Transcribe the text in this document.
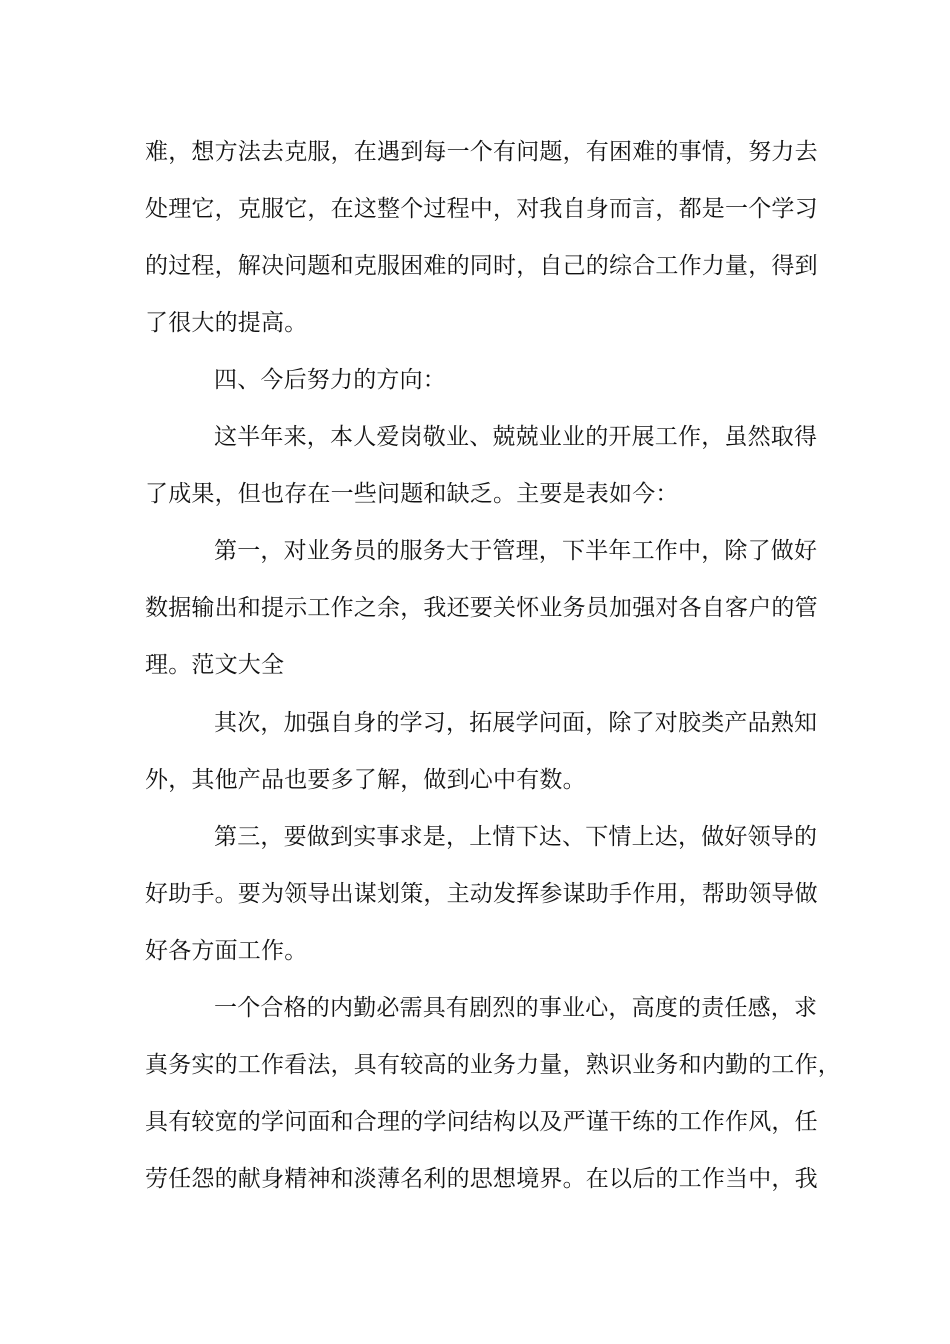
难，想方法去克服，在遇到每一个有问题，有困难的事情，努力去
处理它，克服它，在这整个过程中，对我自身而言，都是一个学习
的过程，解决问题和克服困难的同时，自己的综合工作力量，得到
了很大的提高。
四、今后努力的方向：
这半年来，本人爱岗敬业、兢兢业业的开展工作，虽然取得
了成果，但也存在一些问题和缺乏。主要是表如今：
第一，对业务员的服务大于管理，下半年工作中，除了做好
数据输出和提示工作之余，我还要关怀业务员加强对各自客户的管
理。范文大全
其次，加强自身的学习，拓展学问面，除了对胶类产品熟知
外，其他产品也要多了解，做到心中有数。
第三，要做到实事求是，上情下达、下情上达，做好领导的
好助手。要为领导出谋划策，主动发挥参谋助手作用，帮助领导做
好各方面工作。
一个合格的内勤必需具有剧烈的事业心，高度的责任感，求
真务实的工作看法，具有较高的业务力量，熟识业务和内勤的工作，
具有较宽的学问面和合理的学问结构以及严谨干练的工作作风，任
劳任怨的献身精神和淡薄名利的思想境界。在以后的工作当中，我
